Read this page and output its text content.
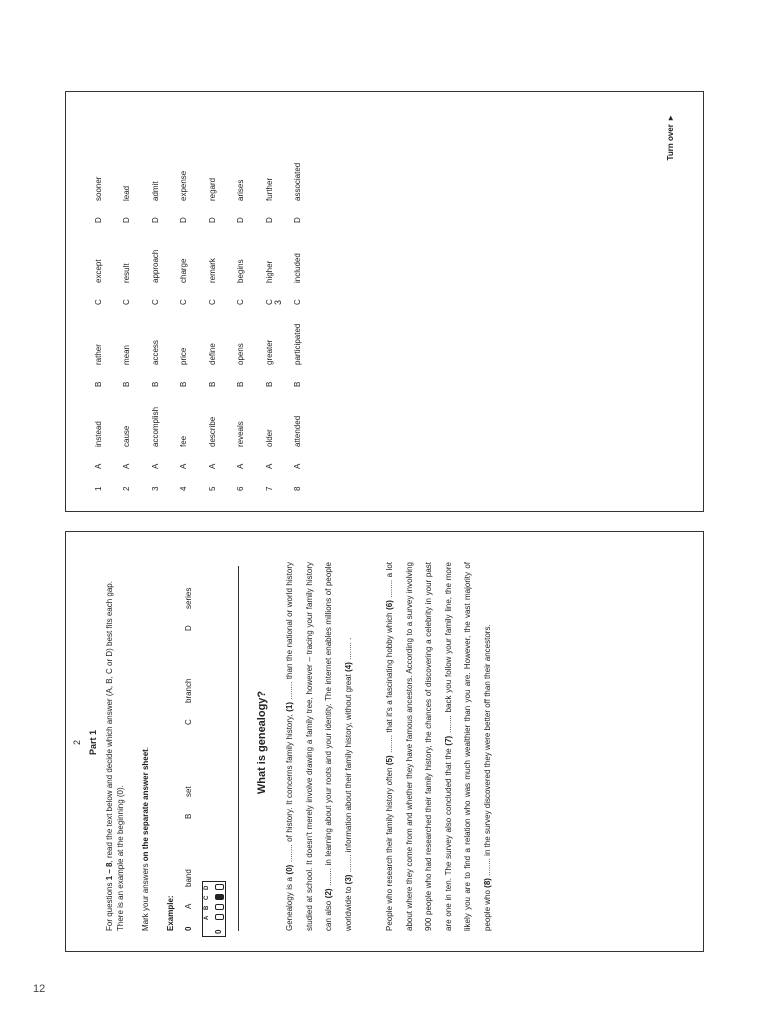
3
1	A	instead	B	rather	C	except	D	sooner
2	A	cause	B	mean	C	result	D	lead
3	A	accomplish	B	access	C	approach	D	admit
4	A	fee	B	price	C	charge	D	expense
5	A	describe	B	define	C	remark	D	regard
6	A	reveals	B	opens	C	begins	D	arises
7	A	older	B	greater	C	higher	D	further
8	A	attended	B	participated	C	included	D	associated
Turn over ►
2 Part 1
For questions 1 – 8, read the text below and decide which answer (A, B, C or D) best fits each gap. There is an example at the beginning (0). Mark your answers on the separate answer sheet.
Example: 0
A
band
B
set
C
branch
D
series
0
A
B
C
D
What is genealogy?
Genealogy is a (0) ........ of history. It concerns family history, (1) ........ than the national or world history studied at school. It doesn't merely involve drawing a family tree, however – tracing your family history can also (2) ........ in learning about your roots and your identity. The internet enables millions of people worldwide to (3) ........ information about their family history, without great (4) ........ .
People who research their family history often (5) ........ that it's a fascinating hobby which (6) ........ a lot about where they come from and whether they have famous ancestors. According to a survey involving 900 people who had researched their family history, the chances of discovering a celebrity in your past are one in ten. The survey also concluded that the (7) ........ back you follow your family line, the more likely you are to find a relation who was much wealthier than you are. However, the vast majority of people who (8) ........ in the survey discovered they were better off than their ancestors.
12
